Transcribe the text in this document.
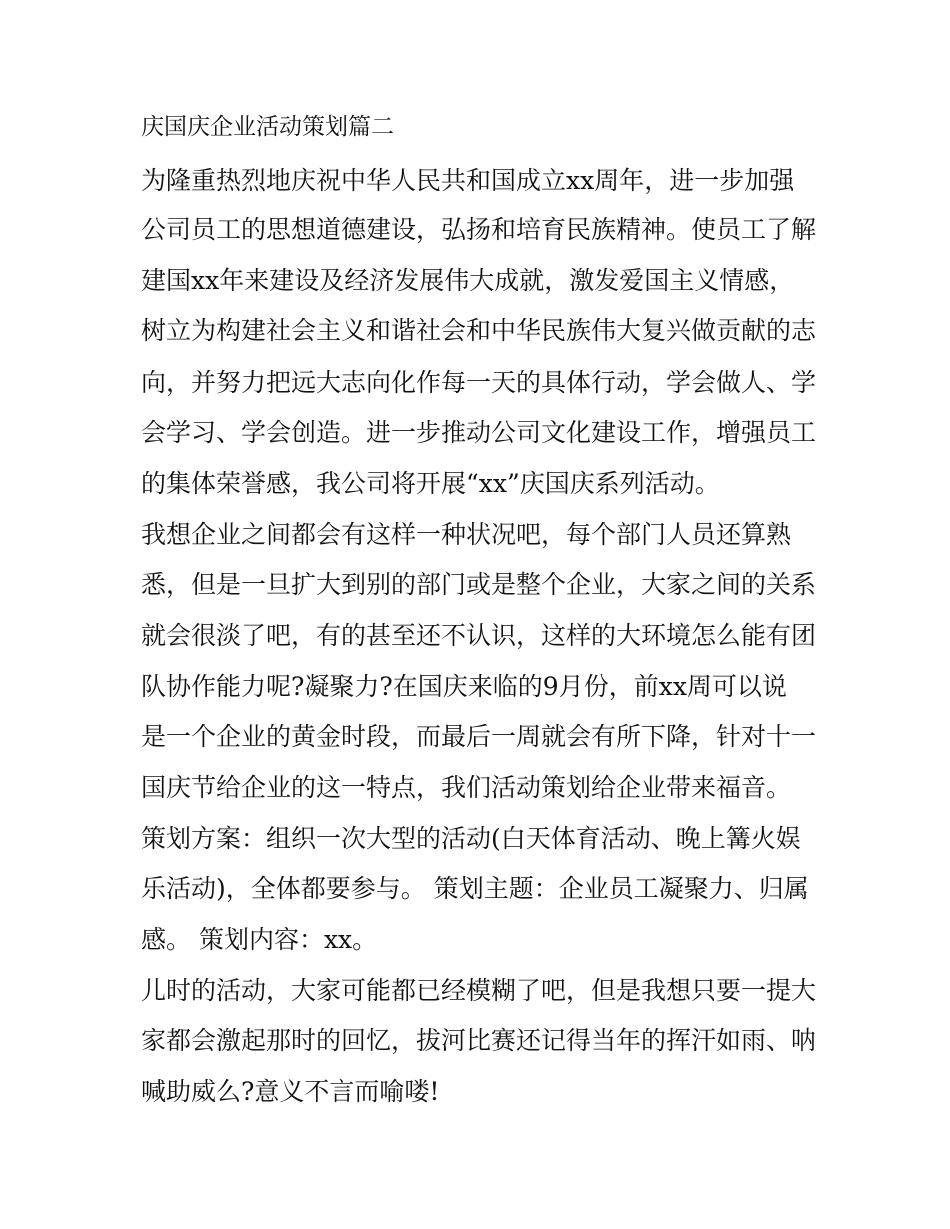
庆国庆企业活动策划篇二

为隆重热烈地庆祝中华人民共和国成立xx周年，进一步加强

公司员工的思想道德建设，弘扬和培育民族精神。使员工了解

建国xx年来建设及经济发展伟大成就，激发爱国主义情感，

树立为构建社会主义和谐社会和中华民族伟大复兴做贡献的志

向，并努力把远大志向化作每一天的具体行动，学会做人、学

会学习、学会创造。进一步推动公司文化建设工作，增强员工

的集体荣誉感，我公司将开展“xx”庆国庆系列活动。

我想企业之间都会有这样一种状况吧，每个部门人员还算熟

悉，但是一旦扩大到别的部门或是整个企业，大家之间的关系

就会很淡了吧，有的甚至还不认识，这样的大环境怎么能有团

队协作能力呢?凝聚力?在国庆来临的9月份，前xx周可以说

是一个企业的黄金时段，而最后一周就会有所下降，针对十一

国庆节给企业的这一特点，我们活动策划给企业带来福音。

策划方案：组织一次大型的活动(白天体育活动、晚上篝火娱

乐活动)，全体都要参与。 策划主题：企业员工凝聚力、归属

感。 策划内容：xx。

儿时的活动，大家可能都已经模糊了吧，但是我想只要一提大

家都会激起那时的回忆，拔河比赛还记得当年的挥汗如雨、呐

喊助威么?意义不言而喻喽!
